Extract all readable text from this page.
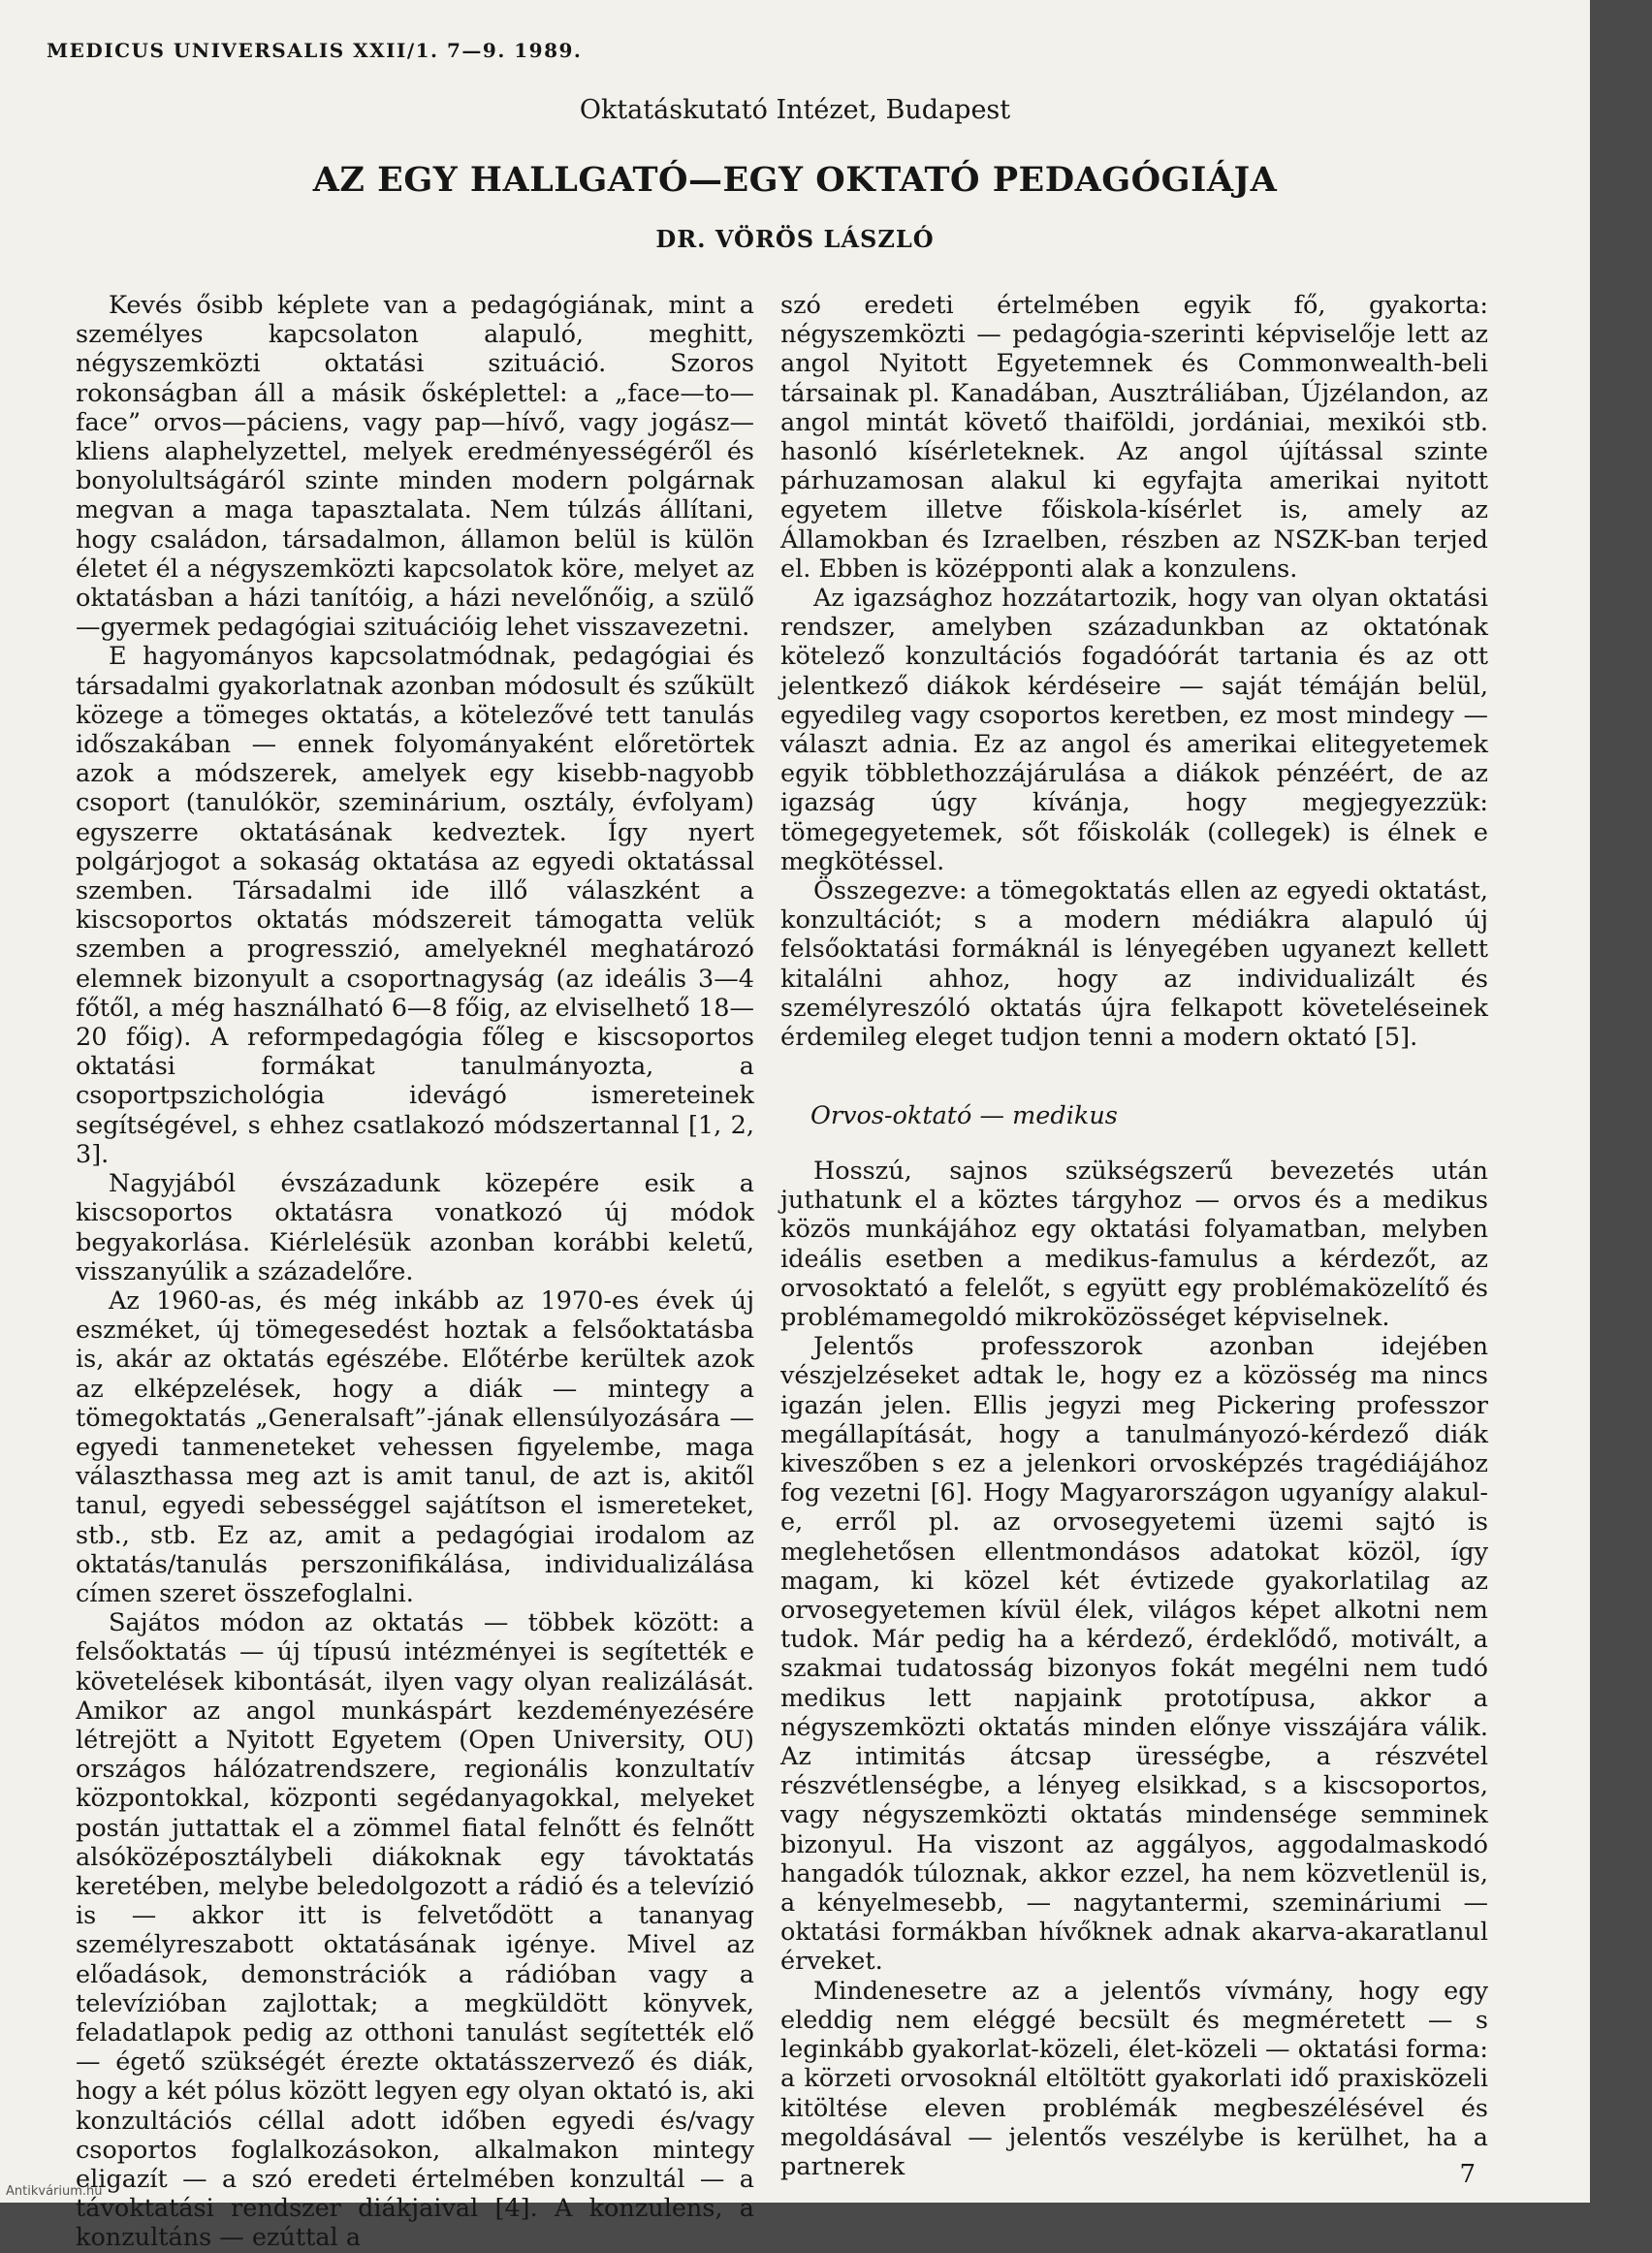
MEDICUS UNIVERSALIS XXII/1. 7—9. 1989.
Oktatáskutató Intézet, Budapest
AZ EGY HALLGATÓ—EGY OKTATÓ PEDAGÓGIÁJA
DR. VÖRÖS LÁSZLÓ

Kevés ősibb képlete van a pedagógiának, mint a személyes kapcsolaton alapuló, meghitt, négyszemközti oktatási szituáció. Szoros rokonságban áll a másik ősképlettel: a „face—to—face” orvos—páciens, vagy pap—hívő, vagy jogász—kliens alaphelyzettel, melyek eredményességéről és bonyolultságáról szinte minden modern polgárnak megvan a maga tapasztalata. Nem túlzás állítani, hogy családon, társadalmon, államon belül is külön életet él a négyszemközti kapcsolatok köre, melyet az oktatásban a házi tanítóig, a házi nevelőnőig, a szülő—gyermek pedagógiai szituációig lehet visszavezetni.

E hagyományos kapcsolatmódnak, pedagógiai és társadalmi gyakorlatnak azonban módosult és szűkült közege a tömeges oktatás, a kötelezővé tett tanulás időszakában — ennek folyományaként előretörtek azok a módszerek, amelyek egy kisebb-nagyobb csoport (tanulókör, szeminárium, osztály, évfolyam) egyszerre oktatásának kedveztek. Így nyert polgárjogot a sokaság oktatása az egyedi oktatással szemben. Társadalmi ide illő válaszként a kiscsoportos oktatás módszereit támogatta velük szemben a progresszió, amelyeknél meghatározó elemnek bizonyult a csoportnagyság (az ideális 3—4 főtől, a még használható 6—8 főig, az elviselhető 18—20 főig). A reformpedagógia főleg e kiscsoportos oktatási formákat tanulmányozta, a csoportpszichológia idevágó ismereteinek segítségével, s ehhez csatlakozó módszertannal [1, 2, 3].

Nagyjából évszázadunk közepére esik a kiscsoportos oktatásra vonatkozó új módok begyakorlása. Kiérlelésük azonban korábbi keletű, visszanyúlik a századelőre.

Az 1960-as, és még inkább az 1970-es évek új eszméket, új tömegesedést hoztak a felsőoktatásba is, akár az oktatás egészébe. Előtérbe kerültek azok az elképzelések, hogy a diák — mintegy a tömegoktatás „Generalsaft”-jának ellensúlyozására — egyedi tanmeneteket vehessen figyelembe, maga választhassa meg azt is amit tanul, de azt is, akitől tanul, egyedi sebességgel sajátítson el ismereteket, stb., stb. Ez az, amit a pedagógiai irodalom az oktatás/tanulás perszonifikálása, individualizálása címen szeret összefoglalni.

Sajátos módon az oktatás — többek között: a felsőoktatás — új típusú intézményei is segítették e követelések kibontását, ilyen vagy olyan realizálását. Amikor az angol munkáspárt kezdeményezésére létrejött a Nyitott Egyetem (Open University, OU) országos hálózatrendszere, regionális konzultatív központokkal, központi segédanyagokkal, melyeket postán juttattak el a zömmel fiatal felnőtt és felnőtt alsóközéposztálybeli diákoknak egy távoktatás keretében, melybe beledolgozott a rádió és a televízió is — akkor itt is felvetődött a tananyag személyreszabott oktatásának igénye. Mivel az előadások, demonstrációk a rádióban vagy a televízióban zajlottak; a megküldött könyvek, feladatlapok pedig az otthoni tanulást segítették elő — égető szükségét érezte oktatásszervező és diák, hogy a két pólus között legyen egy olyan oktató is, aki konzultációs céllal adott időben egyedi és/vagy csoportos foglalkozásokon, alkalmakon mintegy eligazít — a szó eredeti értelmében konzultál — a távoktatási rendszer diákjaival [4]. A konzulens, a konzultáns — ezúttal a

szó eredeti értelmében egyik fő, gyakorta: négyszemközti — pedagógia-szerinti képviselője lett az angol Nyitott Egyetemnek és Commonwealth-beli társainak pl. Kanadában, Ausztráliában, Újzélandon, az angol mintát követő thaiföldi, jordániai, mexikói stb. hasonló kísérleteknek. Az angol újítással szinte párhuzamosan alakul ki egyfajta amerikai nyitott egyetem illetve főiskola-kísérlet is, amely az Államokban és Izraelben, részben az NSZK-ban terjed el. Ebben is középponti alak a konzulens.

Az igazsághoz hozzátartozik, hogy van olyan oktatási rendszer, amelyben századunkban az oktatónak kötelező konzultációs fogadóórát tartania és az ott jelentkező diákok kérdéseire — saját témáján belül, egyedileg vagy csoportos keretben, ez most mindegy — választ adnia. Ez az angol és amerikai elitegyetemek egyik többlethozzájárulása a diákok pénzéért, de az igazság úgy kívánja, hogy megjegyezzük: tömegegyetemek, sőt főiskolák (collegek) is élnek e megkötéssel.

Összegezve: a tömegoktatás ellen az egyedi oktatást, konzultációt; s a modern médiákra alapuló új felsőoktatási formáknál is lényegében ugyanezt kellett kitalálni ahhoz, hogy az individualizált és személyreszóló oktatás újra felkapott követeléseinek érdemileg eleget tudjon tenni a modern oktató [5].

Orvos-oktató — medikus

Hosszú, sajnos szükségszerű bevezetés után juthatunk el a köztes tárgyhoz — orvos és a medikus közös munkájához egy oktatási folyamatban, melyben ideális esetben a medikus-famulus a kérdezőt, az orvosoktató a felelőt, s együtt egy problémaközelítő és problémamegoldó mikroközösséget képviselnek.

Jelentős professzorok azonban idejében vészjelzéseket adtak le, hogy ez a közösség ma nincs igazán jelen. Ellis jegyzi meg Pickering professzor megállapítását, hogy a tanulmányozó-kérdező diák kiveszőben s ez a jelenkori orvosképzés tragédiájához fog vezetni [6]. Hogy Magyarországon ugyanígy alakul-e, erről pl. az orvosegyetemi üzemi sajtó is meglehetősen ellentmondásos adatokat közöl, így magam, ki közel két évtizede gyakorlatilag az orvosegyetemen kívül élek, világos képet alkotni nem tudok. Már pedig ha a kérdező, érdeklődő, motivált, a szakmai tudatosság bizonyos fokát megélni nem tudó medikus lett napjaink prototípusa, akkor a négyszemközti oktatás minden előnye visszájára válik. Az intimitás átcsap ürességbe, a részvétel részvétlenségbe, a lényeg elsikkad, s a kiscsoportos, vagy négyszemközti oktatás mindensége semminek bizonyul. Ha viszont az aggályos, aggodalmaskodó hangadók túloznak, akkor ezzel, ha nem közvetlenül is, a kényelmesebb, — nagytantermi, szemináriumi — oktatási formákban hívőknek adnak akarva-akaratlanul érveket.

Mindenesetre az a jelentős vívmány, hogy egy eleddig nem eléggé becsült és megméretett — s leginkább gyakorlat-közeli, élet-közeli — oktatási forma: a körzeti orvosoknál eltöltött gyakorlati idő praxisközeli kitöltése eleven problémák megbeszélésével és megoldásával — jelentős veszélybe is kerülhet, ha a partnerek	7
Antikvárium.hu
